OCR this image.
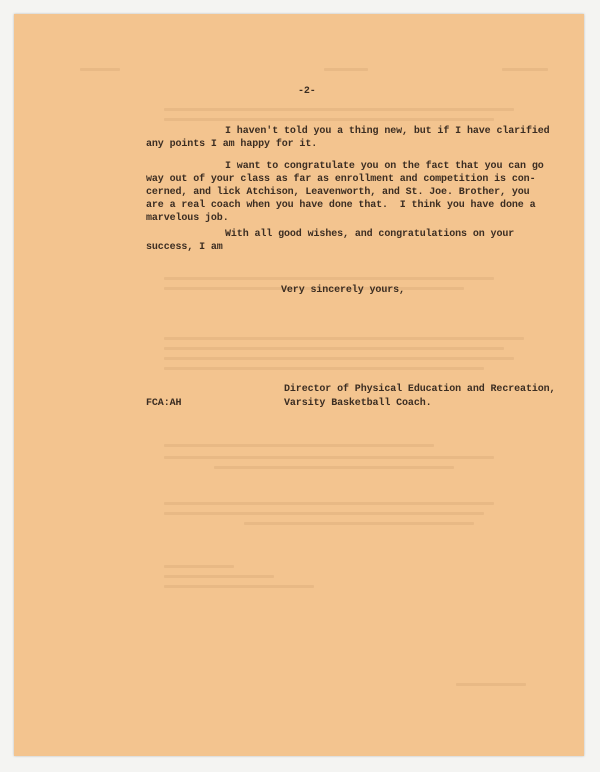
-2-
I haven't told you a thing new, but if I have clarified
any points I am happy for it.
I want to congratulate you on the fact that you can go
way out of your class as far as enrollment and competition is con-
cerned, and lick Atchison, Leavenworth, and St. Joe. Brother, you
are a real coach when you have done that.  I think you have done a
marvelous job.
With all good wishes, and congratulations on your
success, I am
Very sincerely yours,
Director of Physical Education and Recreation,
FCA:AH	Varsity Basketball Coach.
